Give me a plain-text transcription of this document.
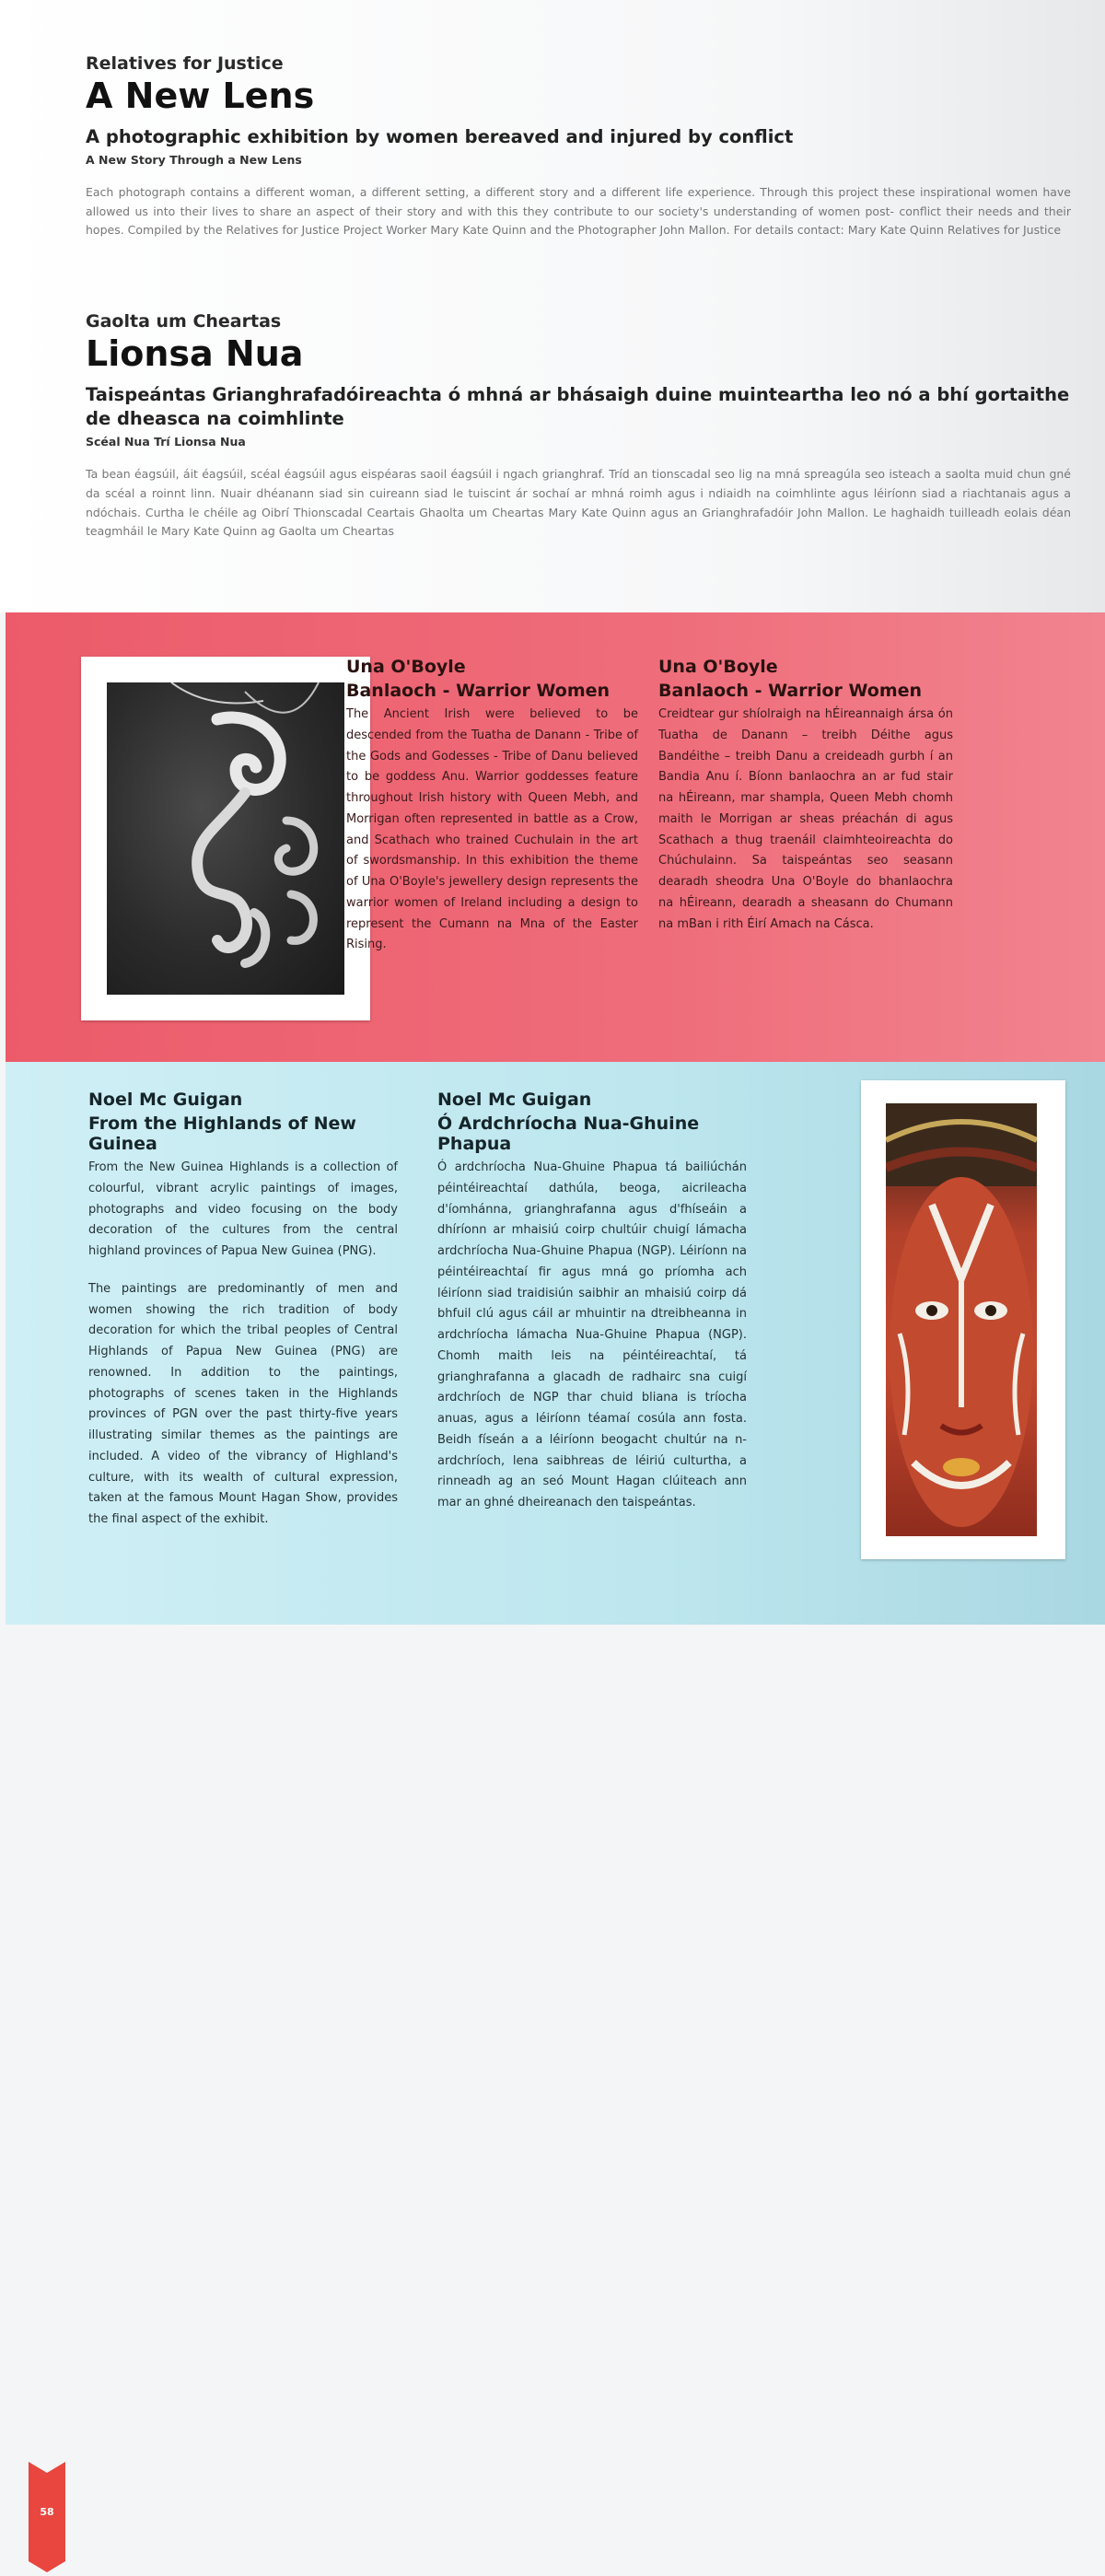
Relatives for Justice
A New Lens
A photographic exhibition by women bereaved and injured by conflict
A New Story Through a New Lens
Each photograph contains a different woman, a different setting, a different story and a different life experience. Through this project these inspirational women have allowed us into their lives to share an aspect of their story and with this they contribute to our society's understanding of women post- conflict their needs and their hopes. Compiled by the Relatives for Justice Project Worker Mary Kate Quinn and the Photographer John Mallon. For details contact: Mary Kate Quinn Relatives for Justice
Gaolta um Cheartas
Lionsa Nua
Taispeántas Grianghrafadóireachta ó mhná ar bhásaigh duine muinteartha leo nó a bhí gortaithe de dheasca na coimhlinte
Scéal Nua Trí Lionsa Nua
Ta bean éagsúil, áit éagsúil, scéal éagsúil agus eispéaras saoil éagsúil i ngach grianghraf. Tríd an tionscadal seo lig na mná spreagúla seo isteach a saolta muid chun gné da scéal a roinnt linn. Nuair dhéanann siad sin cuireann siad le tuiscint ár sochaí ar mhná roimh agus i ndiaidh na coimhlinte agus léiríonn siad a riachtanais agus a ndóchais. Curtha le chéile ag Oibrí Thionscadal Ceartais Ghaolta um Cheartas Mary Kate Quinn agus an Grianghrafadóir John Mallon. Le haghaidh tuilleadh eolais déan teagmháil le Mary Kate Quinn ag Gaolta um Cheartas
Una O'Boyle
Banlaoch - Warrior Women
The Ancient Irish were believed to be descended from the Tuatha de Danann - Tribe of the Gods and Godesses - Tribe of Danu believed to be goddess Anu. Warrior goddesses feature throughout Irish history with Queen Mebh, and Morrigan often represented in battle as a Crow, and Scathach who trained Cuchulain in the art of swordsmanship. In this exhibition the theme of Una O'Boyle's jewellery design represents the warrior women of Ireland including a design to represent the Cumann na Mna of the Easter Rising.
Una O'Boyle
Banlaoch - Warrior Women
Creidtear gur shíolraigh na hÉireannaigh ársa ón Tuatha de Danann – treibh Déithe agus Bandéithe – treibh Danu a creideadh gurbh í an Bandia Anu í. Bíonn banlaochra an ar fud stair na hÉireann, mar shampla, Queen Mebh chomh maith le Morrigan ar sheas préachán di agus Scathach a thug traenáil claimhteoireachta do Chúchulainn. Sa taispeántas seo seasann dearadh sheodra Una O'Boyle do bhanlaochra na hÉireann, dearadh a sheasann do Chumann na mBan i rith Éirí Amach na Cásca.
Noel Mc Guigan
From the Highlands of New Guinea
From the New Guinea Highlands is a collection of colourful, vibrant acrylic paintings of images, photographs and video focusing on the body decoration of the cultures from the central highland provinces of Papua New Guinea (PNG).
The paintings are predominantly of men and women showing the rich tradition of body decoration for which the tribal peoples of Central Highlands of Papua New Guinea (PNG) are renowned. In addition to the paintings, photographs of scenes taken in the Highlands provinces of PGN over the past thirty-five years illustrating similar themes as the paintings are included. A video of the vibrancy of Highland's culture, with its wealth of cultural expression, taken at the famous Mount Hagan Show, provides the final aspect of the exhibit.
Noel Mc Guigan
Ó Ardchríocha Nua-Ghuine Phapua
Ó ardchríocha Nua-Ghuine Phapua tá bailiúchán péintéireachtaí dathúla, beoga, aicrileacha d'íomhánna, grianghrafanna agus d'fhíseáin a dhíríonn ar mhaisiú coirp chultúir chuigí lámacha ardchríocha Nua-Ghuine Phapua (NGP). Léiríonn na péintéireachtaí fir agus mná go príomha ach léiríonn siad traidisiún saibhir an mhaisiú coirp dá bhfuil clú agus cáil ar mhuintir na dtreibheanna in ardchríocha lámacha Nua-Ghuine Phapua (NGP). Chomh maith leis na péintéireachtaí, tá grianghrafanna a glacadh de radhairc sna cuigí ardchríoch de NGP thar chuid bliana is tríocha anuas, agus a léiríonn téamaí cosúla ann fosta. Beidh físeán a a léiríonn beogacht chultúr na n-ardchríoch, lena saibhreas de léiriú culturtha, a rinneadh ag an seó Mount Hagan clúiteach ann mar an ghné dheireanach den taispeántas.
58
